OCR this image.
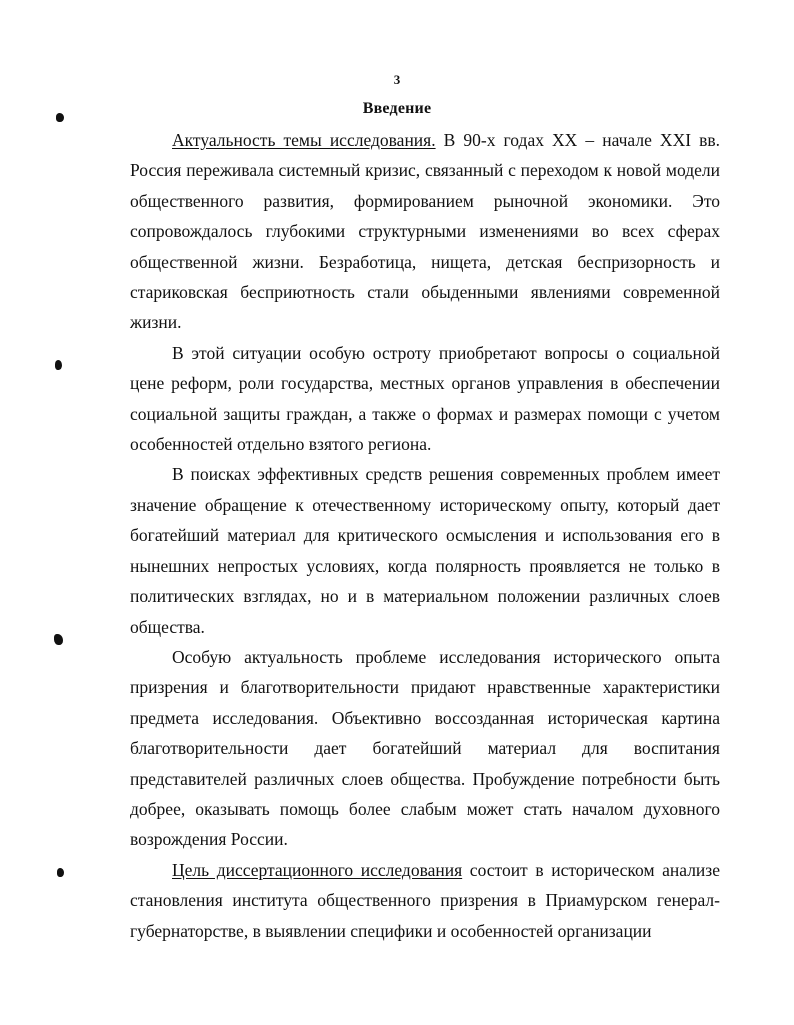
3
Введение

Актуальность темы исследования. В 90-х годах XX – начале XXI вв. Россия переживала системный кризис, связанный с переходом к новой модели общественного развития, формированием рыночной экономики. Это сопровождалось глубокими структурными изменениями во всех сферах общественной жизни. Безработица, нищета, детская беспризорность и стариковская бесприютность стали обыденными явлениями современной жизни.

В этой ситуации особую остроту приобретают вопросы о социальной цене реформ, роли государства, местных органов управления в обеспечении социальной защиты граждан, а также о формах и размерах помощи с учетом особенностей отдельно взятого региона.

В поисках эффективных средств решения современных проблем имеет значение обращение к отечественному историческому опыту, который дает богатейший материал для критического осмысления и использования его в нынешних непростых условиях, когда полярность проявляется не только в политических взглядах, но и в материальном положении различных слоев общества.

Особую актуальность проблеме исследования исторического опыта призрения и благотворительности придают нравственные характеристики предмета исследования. Объективно воссозданная историческая картина благотворительности дает богатейший материал для воспитания представителей различных слоев общества. Пробуждение потребности быть добрее, оказывать помощь более слабым может стать началом духовного возрождения России.

Цель диссертационного исследования состоит в историческом анализе становления института общественного призрения в Приамурском генерал-губернаторстве, в выявлении специфики и особенностей организации
